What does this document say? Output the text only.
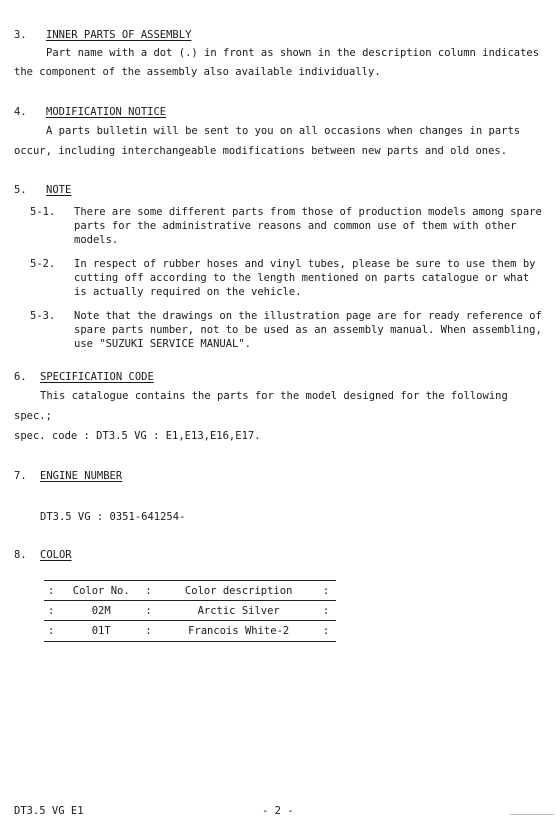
3. INNER PARTS OF ASSEMBLY
Part name with a dot (.) in front as shown in the description column indicates
the component of the assembly also available individually.
4. MODIFICATION NOTICE
A parts bulletin will be sent to you on all occasions when changes in parts
occur, including interchangeable modifications between new parts and old ones.
5. NOTE
5-1. There are some different parts from those of production models among spare parts for the administrative reasons and common use of them with other models.
5-2. In respect of rubber hoses and vinyl tubes, please be sure to use them by cutting off according to the length mentioned on parts catalogue or what is actually required on the vehicle.
5-3. Note that the drawings on the illustration page are for ready reference of spare parts number, not to be used as an assembly manual. When assembling, use "SUZUKI SERVICE MANUAL".
6. SPECIFICATION CODE
This catalogue contains the parts for the model designed for the following
spec.;
spec. code : DT3.5 VG : E1,E13,E16,E17.
7. ENGINE NUMBER
DT3.5 VG : 0351-641254-
8. COLOR
:	Color No.	:	Color description	:
:	02M	:	Arctic Silver	:
:	01T	:	Francois White-2	:
DT3.5 VG E1	- 2 -
